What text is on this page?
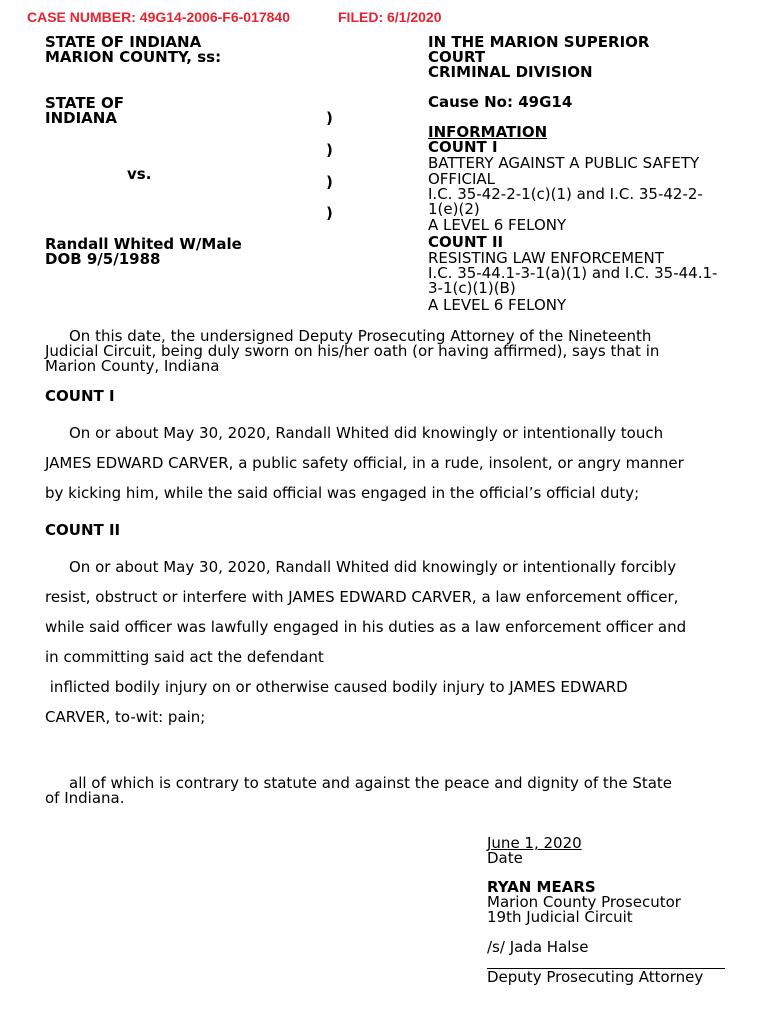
CASE NUMBER: 49G14-2006-F6-017840	FILED: 6/1/2020
STATE OF INDIANA
MARION COUNTY, ss:
IN THE MARION SUPERIOR
COURT
CRIMINAL DIVISION
Cause No: 49G14
STATE OF
INDIANA
vs.
)
)
)
)
Randall Whited W/Male
DOB 9/5/1988
INFORMATION
COUNT I
BATTERY AGAINST A PUBLIC SAFETY
OFFICIAL
I.C. 35-42-2-1(c)(1) and I.C. 35-42-2-
1(e)(2)
A LEVEL 6 FELONY
COUNT II
RESISTING LAW ENFORCEMENT
I.C. 35-44.1-3-1(a)(1) and I.C. 35-44.1-
3-1(c)(1)(B)
A LEVEL 6 FELONY
On this date, the undersigned Deputy Prosecuting Attorney of the Nineteenth
Judicial Circuit, being duly sworn on his/her oath (or having affirmed), says that in
Marion County, Indiana
COUNT I
On or about May 30, 2020, Randall Whited did knowingly or intentionally touch
JAMES EDWARD CARVER, a public safety official, in a rude, insolent, or angry manner
by kicking him, while the said official was engaged in the official’s official duty;
COUNT II
On or about May 30, 2020, Randall Whited did knowingly or intentionally forcibly
resist, obstruct or interfere with JAMES EDWARD CARVER, a law enforcement officer,
while said officer was lawfully engaged in his duties as a law enforcement officer and
in committing said act the defendant
inflicted bodily injury on or otherwise caused bodily injury to JAMES EDWARD
CARVER, to-wit: pain;
all of which is contrary to statute and against the peace and dignity of the State
of Indiana.
June 1, 2020
Date
RYAN MEARS
Marion County Prosecutor
19th Judicial Circuit
/s/ Jada Halse
Deputy Prosecuting Attorney
